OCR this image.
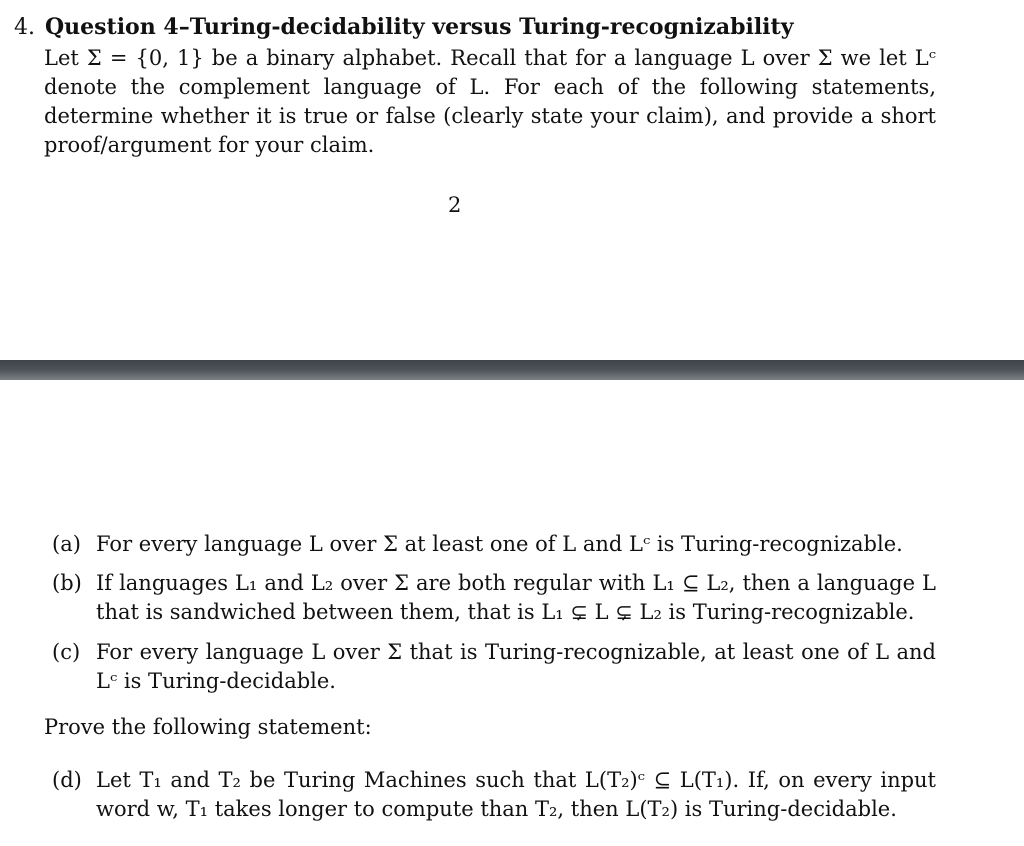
4. Question 4–Turing-decidability versus Turing-recognizability
Let Σ = {0, 1} be a binary alphabet. Recall that for a language L over Σ we let Lᶜ denote the complement language of L. For each of the following statements, determine whether it is true or false (clearly state your claim), and provide a short proof/argument for your claim.
2
(a) For every language L over Σ at least one of L and Lᶜ is Turing-recognizable.
(b) If languages L₁ and L₂ over Σ are both regular with L₁ ⊆ L₂, then a language L that is sandwiched between them, that is L₁ ⊊ L ⊊ L₂ is Turing-recognizable.
(c) For every language L over Σ that is Turing-recognizable, at least one of L and Lᶜ is Turing-decidable.
Prove the following statement:
(d) Let T₁ and T₂ be Turing Machines such that L(T₂)ᶜ ⊆ L(T₁). If, on every input word w, T₁ takes longer to compute than T₂, then L(T₂) is Turing-decidable.
